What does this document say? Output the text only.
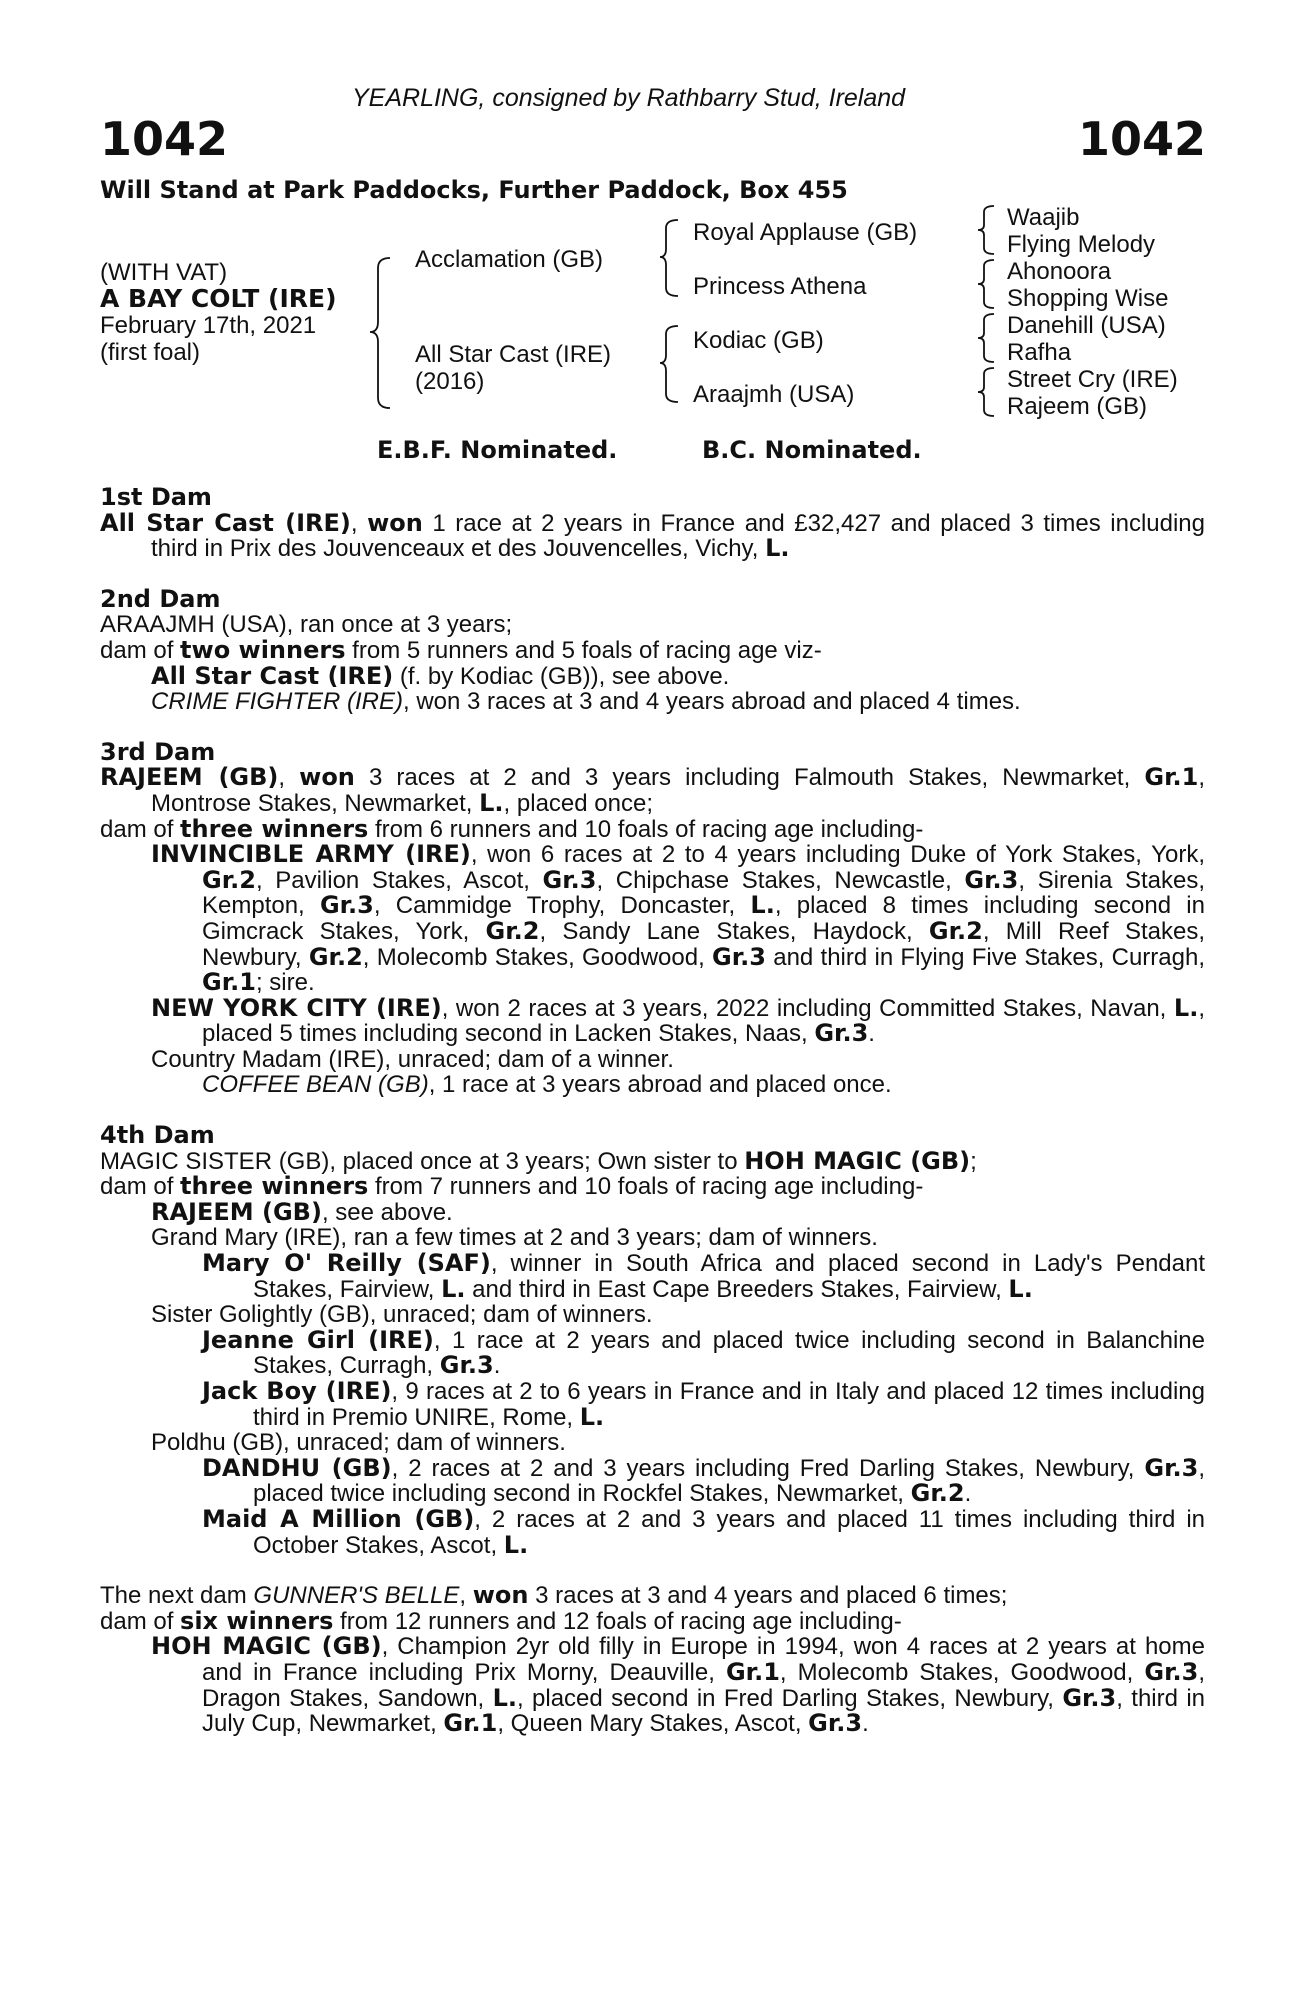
YEARLING, consigned by Rathbarry Stud, Ireland
1042	1042
Will Stand at Park Paddocks, Further Paddock, Box 455
(WITH VAT)
A BAY COLT (IRE)
February 17th, 2021
(first foal)
Acclamation (GB)
All Star Cast (IRE)
(2016)
Royal Applause (GB)
Princess Athena
Kodiac (GB)
Araajmh (USA)
Waajib
Flying Melody
Ahonoora
Shopping Wise
Danehill (USA)
Rafha
Street Cry (IRE)
Rajeem (GB)
E.B.F. Nominated.	B.C. Nominated.

1st Dam

All Star Cast (IRE), won 1 race at 2 years in France and £32,427 and placed 3 times including third in Prix des Jouvenceaux et des Jouvencelles, Vichy, L.

2nd Dam

ARAAJMH (USA), ran once at 3 years;

dam of two winners from 5 runners and 5 foals of racing age viz-

All Star Cast (IRE) (f. by Kodiac (GB)), see above.

CRIME FIGHTER (IRE), won 3 races at 3 and 4 years abroad and placed 4 times.

3rd Dam

RAJEEM (GB), won 3 races at 2 and 3 years including Falmouth Stakes, Newmarket, Gr.1, Montrose Stakes, Newmarket, L., placed once;

dam of three winners from 6 runners and 10 foals of racing age including-

INVINCIBLE ARMY (IRE), won 6 races at 2 to 4 years including Duke of York Stakes, York, Gr.2, Pavilion Stakes, Ascot, Gr.3, Chipchase Stakes, Newcastle, Gr.3, Sirenia Stakes, Kempton, Gr.3, Cammidge Trophy, Doncaster, L., placed 8 times including second in Gimcrack Stakes, York, Gr.2, Sandy Lane Stakes, Haydock, Gr.2, Mill Reef Stakes, Newbury, Gr.2, Molecomb Stakes, Goodwood, Gr.3 and third in Flying Five Stakes, Curragh, Gr.1; sire.

NEW YORK CITY (IRE), won 2 races at 3 years, 2022 including Committed Stakes, Navan, L., placed 5 times including second in Lacken Stakes, Naas, Gr.3.

Country Madam (IRE), unraced; dam of a winner.

COFFEE BEAN (GB), 1 race at 3 years abroad and placed once.

4th Dam

MAGIC SISTER (GB), placed once at 3 years; Own sister to HOH MAGIC (GB);

dam of three winners from 7 runners and 10 foals of racing age including-

RAJEEM (GB), see above.

Grand Mary (IRE), ran a few times at 2 and 3 years; dam of winners.

Mary O' Reilly (SAF), winner in South Africa and placed second in Lady's Pendant Stakes, Fairview, L. and third in East Cape Breeders Stakes, Fairview, L.

Sister Golightly (GB), unraced; dam of winners.

Jeanne Girl (IRE), 1 race at 2 years and placed twice including second in Balanchine Stakes, Curragh, Gr.3.

Jack Boy (IRE), 9 races at 2 to 6 years in France and in Italy and placed 12 times including third in Premio UNIRE, Rome, L.

Poldhu (GB), unraced; dam of winners.

DANDHU (GB), 2 races at 2 and 3 years including Fred Darling Stakes, Newbury, Gr.3, placed twice including second in Rockfel Stakes, Newmarket, Gr.2.

Maid A Million (GB), 2 races at 2 and 3 years and placed 11 times including third in October Stakes, Ascot, L.

The next dam GUNNER'S BELLE, won 3 races at 3 and 4 years and placed 6 times;

dam of six winners from 12 runners and 12 foals of racing age including-

HOH MAGIC (GB), Champion 2yr old filly in Europe in 1994, won 4 races at 2 years at home and in France including Prix Morny, Deauville, Gr.1, Molecomb Stakes, Goodwood, Gr.3, Dragon Stakes, Sandown, L., placed second in Fred Darling Stakes, Newbury, Gr.3, third in July Cup, Newmarket, Gr.1, Queen Mary Stakes, Ascot, Gr.3.
